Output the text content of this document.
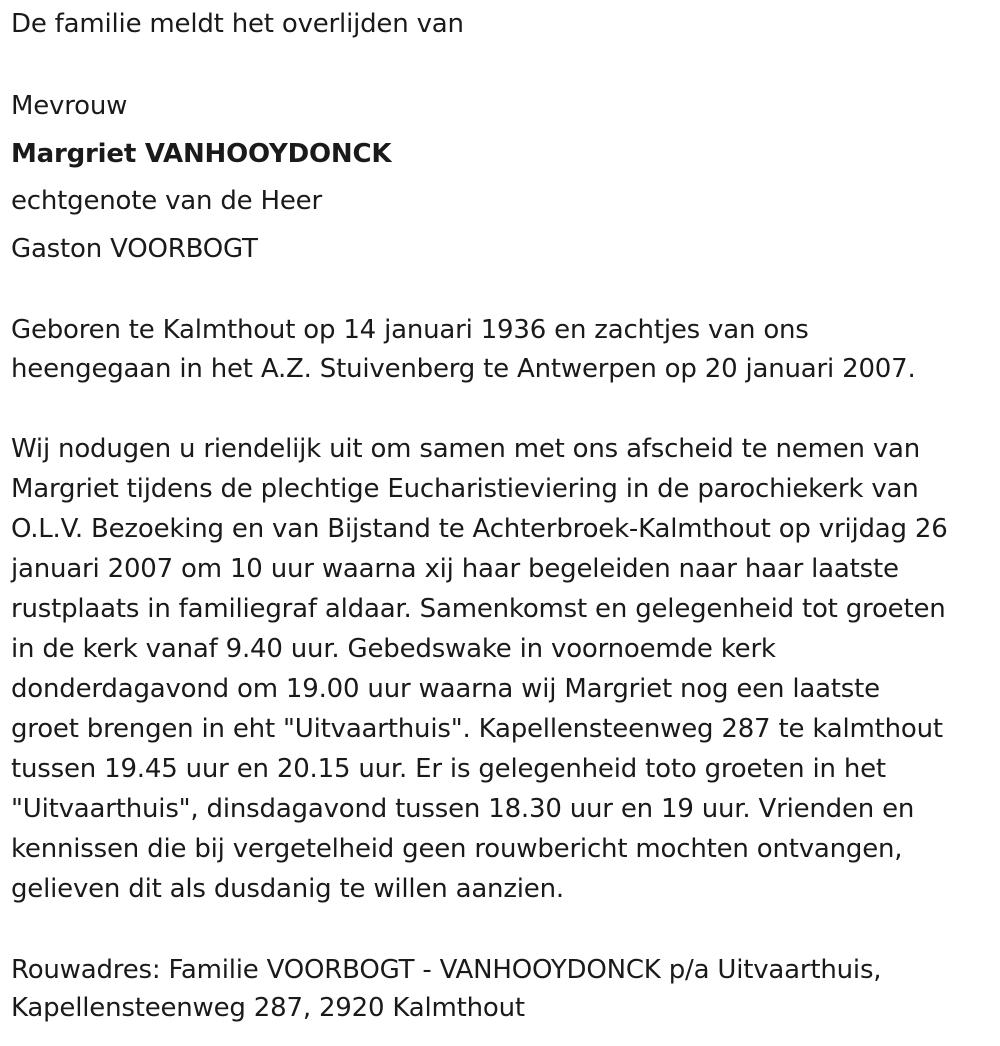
De familie meldt het overlijden van
Mevrouw
Margriet VANHOOYDONCK
echtgenote van de Heer
Gaston VOORBOGT
Geboren te Kalmthout op 14 januari 1936 en zachtjes van ons
heengegaan in het A.Z. Stuivenberg te Antwerpen op 20 januari 2007.
Wij nodugen u riendelijk uit om samen met ons afscheid te nemen van
Margriet tijdens de plechtige Eucharistieviering in de parochiekerk van
O.L.V. Bezoeking en van Bijstand te Achterbroek-Kalmthout op vrijdag 26
januari 2007 om 10 uur waarna xij haar begeleiden naar haar laatste
rustplaats in familiegraf aldaar. Samenkomst en gelegenheid tot groeten
in de kerk vanaf 9.40 uur. Gebedswake in voornoemde kerk
donderdagavond om 19.00 uur waarna wij Margriet nog een laatste
groet brengen in eht "Uitvaarthuis". Kapellensteenweg 287 te kalmthout
tussen 19.45 uur en 20.15 uur. Er is gelegenheid toto groeten in het
"Uitvaarthuis", dinsdagavond tussen 18.30 uur en 19 uur. Vrienden en
kennissen die bij vergetelheid geen rouwbericht mochten ontvangen,
gelieven dit als dusdanig te willen aanzien.
Rouwadres: Familie VOORBOGT - VANHOOYDONCK p/a Uitvaarthuis,
Kapellensteenweg 287, 2920 Kalmthout
